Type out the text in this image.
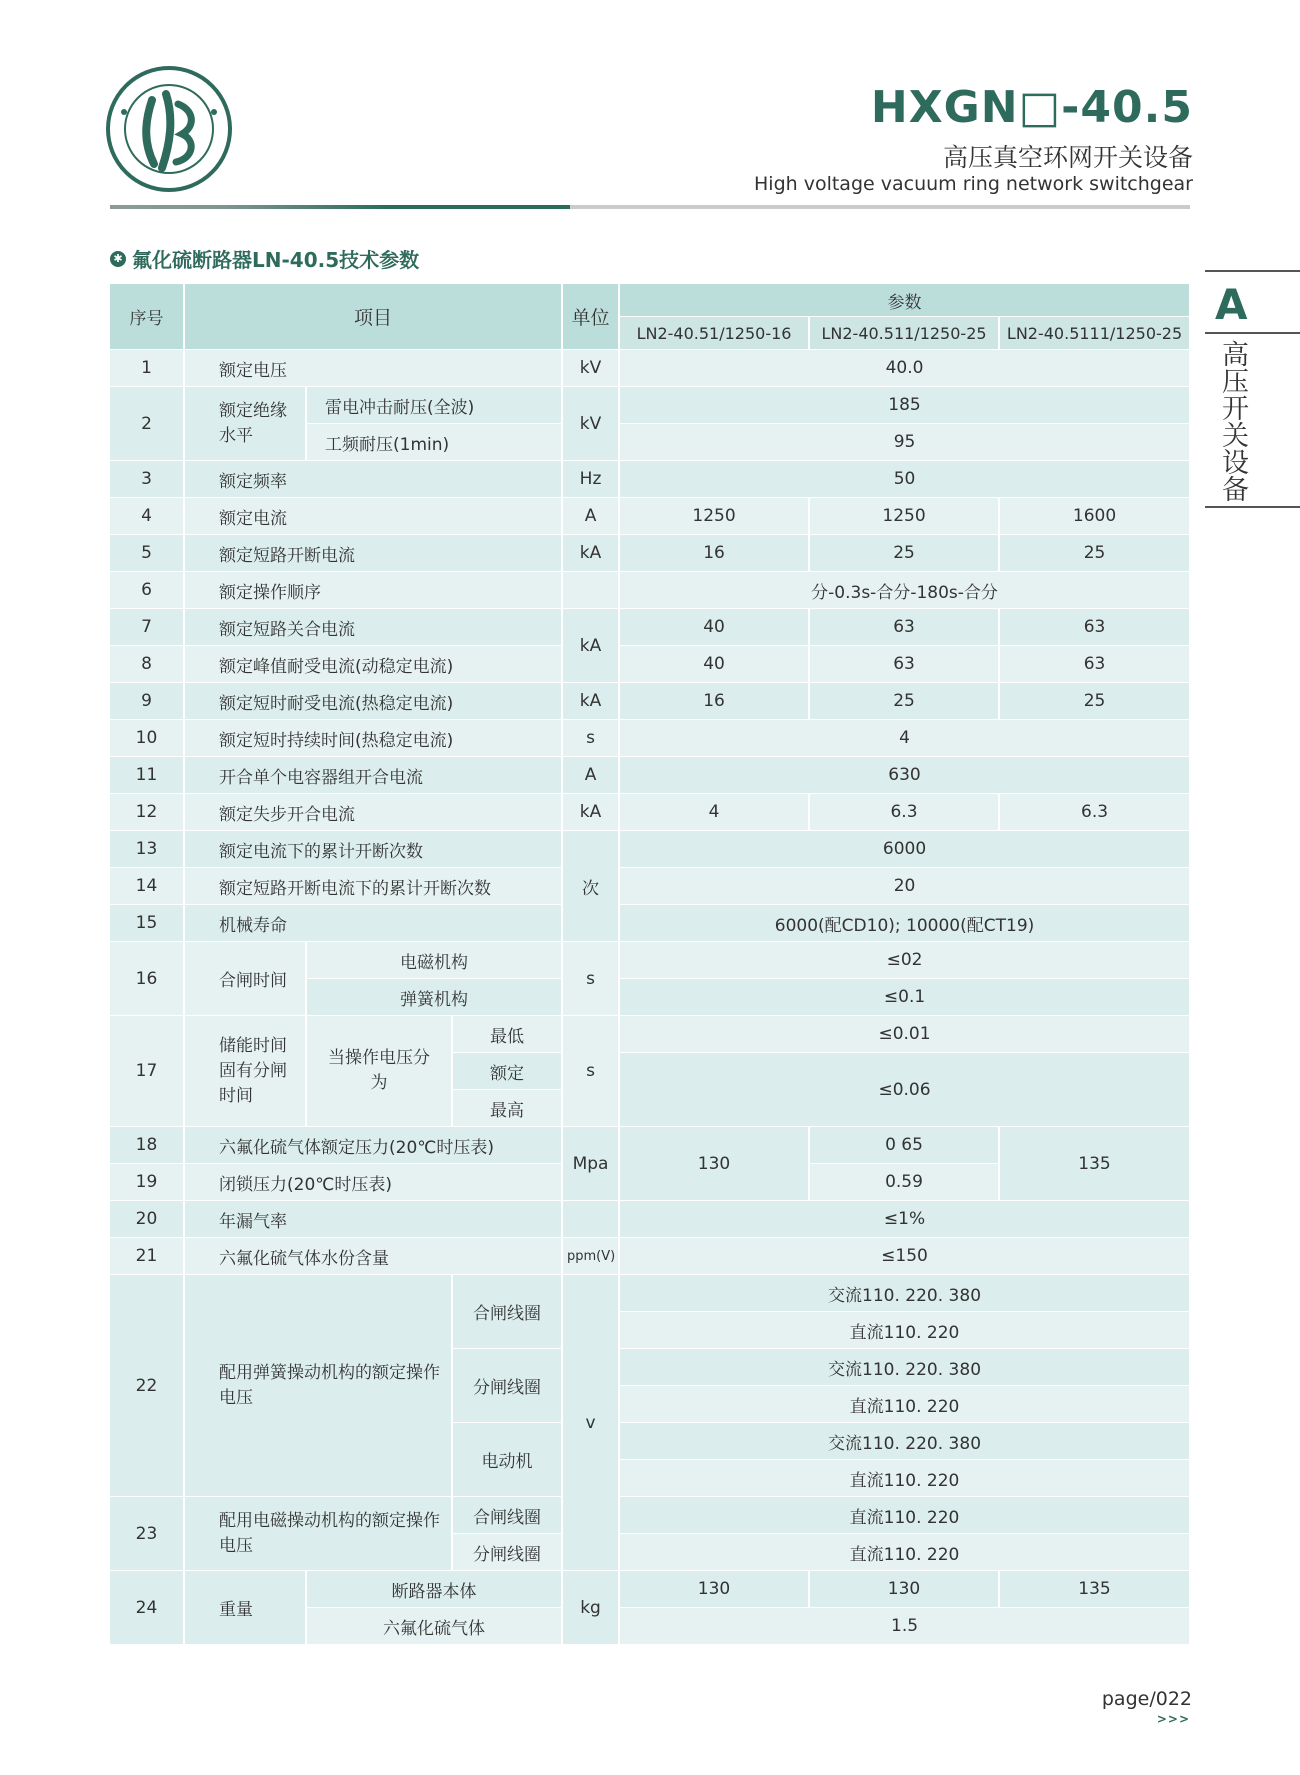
HXGN□-40.5
高压真空环网开关设备
High voltage vacuum ring network switchgear
✱ 氟化硫断路器LN-40.5技术参数
A
高压开关设备
序号	项目			单位	参数		
					LN2-40.51/1250-16	LN2-40.511/1250-25	LN2-40.5111/1250-25
1	额定电压			kV	40.0		
2	额定绝缘水平	雷电冲击耐压(全波)		kV	185		
		工频耐压(1min)			95		
3	额定频率			Hz	50		
4	额定电流			A	1250	1250	1600
5	额定短路开断电流			kA	16	25	25
6	额定操作顺序				分-0.3s-合分-180s-合分		
7	额定短路关合电流			kA	40	63	63
8	额定峰值耐受电流(动稳定电流)				40	63	63
9	额定短时耐受电流(热稳定电流)			kA	16	25	25
10	额定短时持续时间(热稳定电流)			s	4		
11	开合单个电容器组开合电流			A	630		
12	额定失步开合电流			kA	4	6.3	6.3
13	额定电流下的累计开断次数			次	6000		
14	额定短路开断电流下的累计开断次数				20		
15	机械寿命				6000(配CD10); 10000(配CT19)		
16	合闸时间	电磁机构		s	≤02		
		弹簧机构			≤0.1		
17	储能时间固有分闸时间	当操作电压分为	最低	s	≤0.01		
			额定		≤0.06		
			最高				
18	六氟化硫气体额定压力(20℃时压表)			Mpa	130	0 65	135
19	闭锁压力(20℃时压表)					0.59	
20	年漏气率				≤1%		
21	六氟化硫气体水份含量			ppm(V)	≤150		
22	配用弹簧操动机构的额定操作电压		合闸线圈	v	交流110. 220. 380		
					直流110. 220		
			分闸线圈		交流110. 220. 380		
					直流110. 220		
			电动机		交流110. 220. 380		
					直流110. 220		
23	配用电磁操动机构的额定操作电压		合闸线圈		直流110. 220		
			分闸线圈		直流110. 220		
24	重量	断路器本体		kg	130	130	135
		六氟化硫气体			1.5		
page/022
>>>
